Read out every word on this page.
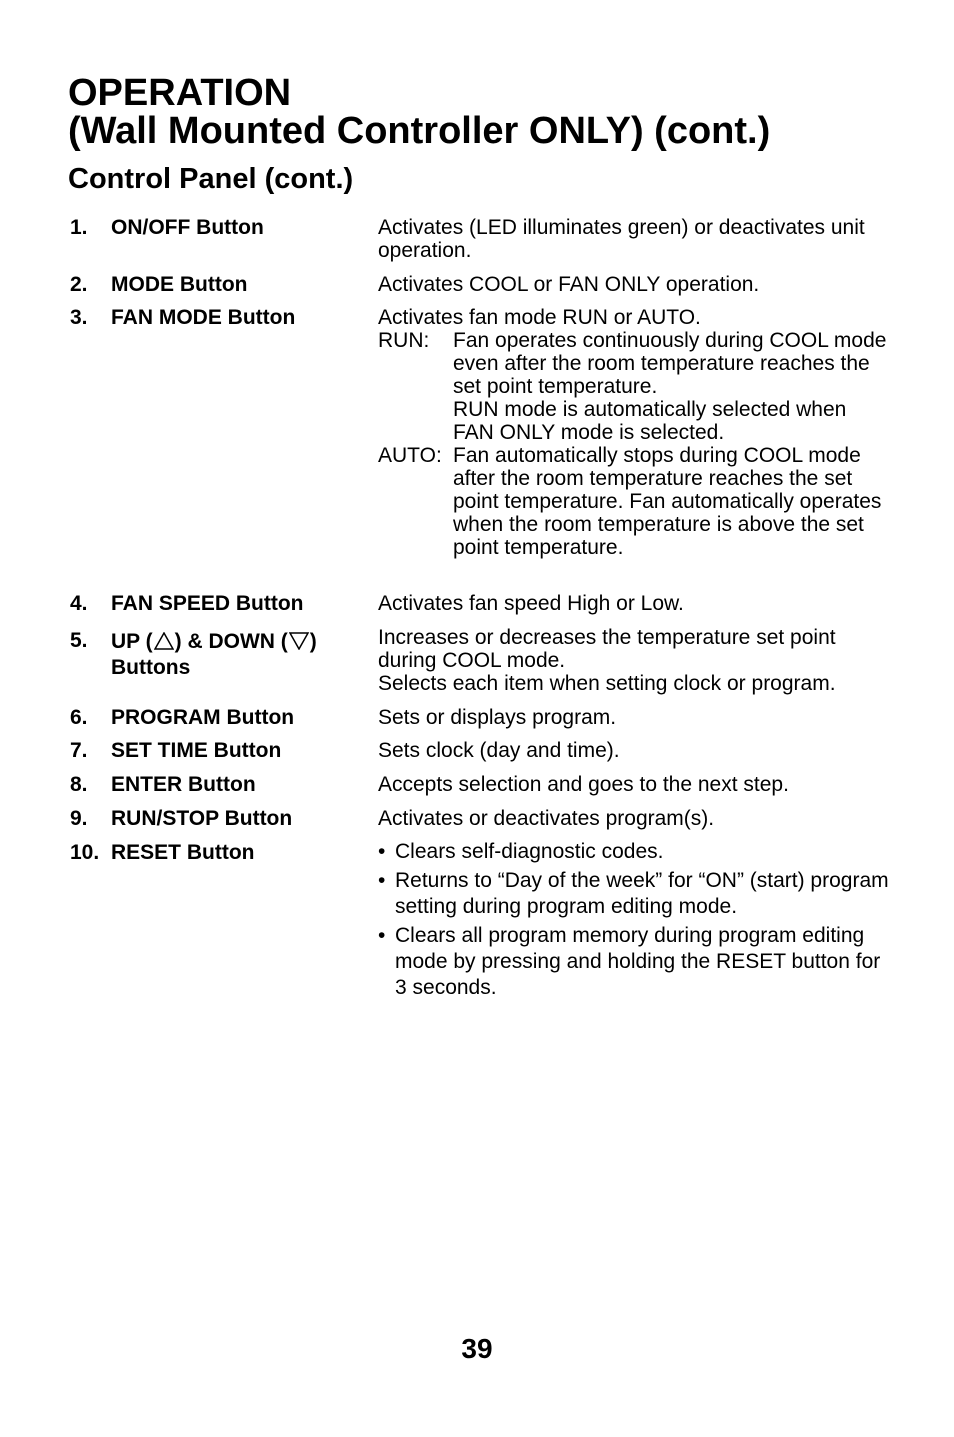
OPERATION
(Wall Mounted Controller ONLY) (cont.)
Control Panel (cont.)
1. ON/OFF Button	Activates (LED illuminates green) or deactivates unit operation.
2. MODE Button	Activates COOL or FAN ONLY operation.
3. FAN MODE Button	Activates fan mode RUN or AUTO.

RUN:	Fan operates continuously during COOL mode even after the room temperature reaches the set point temperature.
RUN mode is automatically selected when FAN ONLY mode is selected.
AUTO: Fan automatically stops during COOL mode after the room temperature reaches the set point temperature. Fan automatically operates when the room temperature is above the set point temperature.
4. FAN SPEED Button	Activates fan speed High or Low.
5. UP ( ) & DOWN ( )
Buttons

Increases or decreases the temperature set point during COOL mode.

Selects each item when setting clock or program.

6. PROGRAM Button	Sets or displays program.
7. SET TIME Button	Sets clock (day and time).
8. ENTER Button	Accepts selection and goes to the next step.
9. RUN/STOP Button	Activates or deactivates program(s).
10. RESET Button
•	Clears self-diagnostic codes.
• Returns to “Day of the week” for “ON” (start) program setting during program editing mode.
• Clears all program memory during program editing mode by pressing and holding the RESET button for 3 seconds.
39
